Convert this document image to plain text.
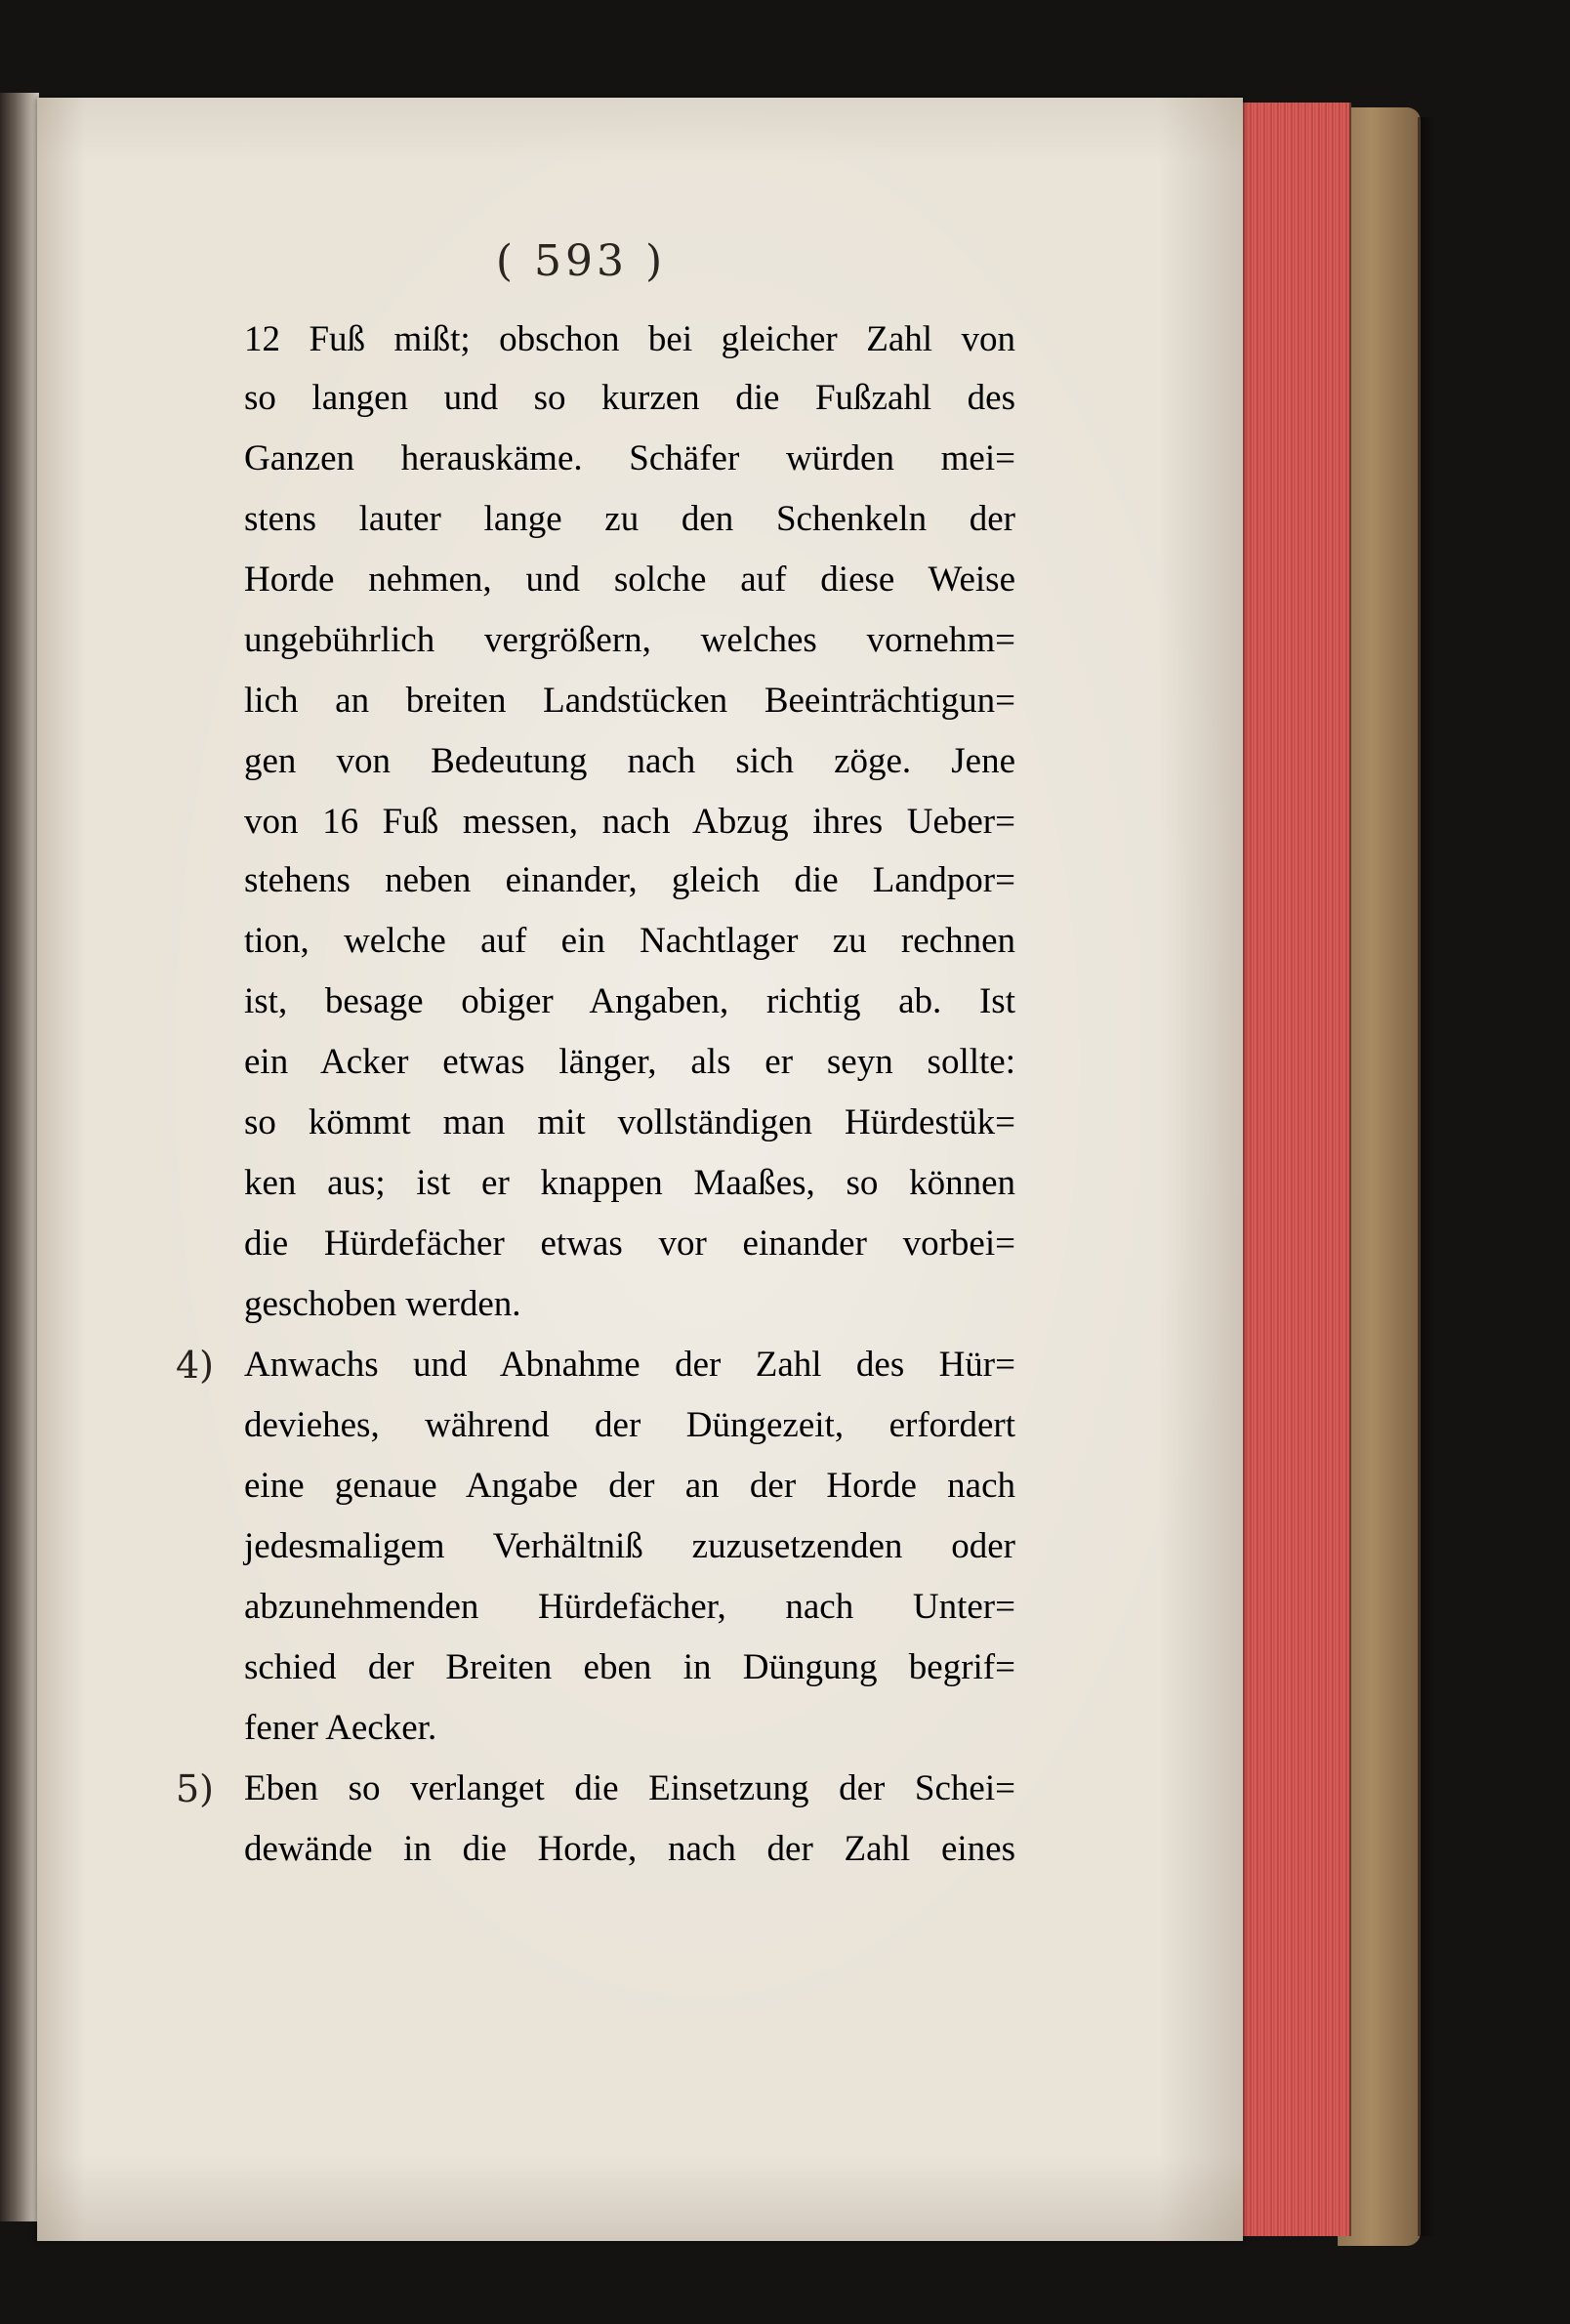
( 593 )
12 Fuß mißt; obschon bei gleicher Zahl von
so langen und so kurzen die Fußzahl des
Ganzen herauskäme. Schäfer würden mei=
stens lauter lange zu den Schenkeln der
Horde nehmen, und solche auf diese Weise
ungebührlich vergrößern, welches vornehm=
lich an breiten Landstücken Beeinträchtigun=
gen von Bedeutung nach sich zöge. Jene
von 16 Fuß messen, nach Abzug ihres Ueber=
stehens neben einander, gleich die Landpor=
tion, welche auf ein Nachtlager zu rechnen
ist, besage obiger Angaben, richtig ab. Ist
ein Acker etwas länger, als er seyn sollte:
so kömmt man mit vollständigen Hürdestük=
ken aus; ist er knappen Maaßes, so können
die Hürdefächer etwas vor einander vorbei=
geschoben werden.
4) Anwachs und Abnahme der Zahl des Hür=
deviehes, während der Düngezeit, erfordert
eine genaue Angabe der an der Horde nach
jedesmaligem Verhältniß zuzusetzenden oder
abzunehmenden Hürdefächer, nach Unter=
schied der Breiten eben in Düngung begrif=
fener Aecker.
5) Eben so verlanget die Einsetzung der Schei=
dewände in die Horde, nach der Zahl eines
